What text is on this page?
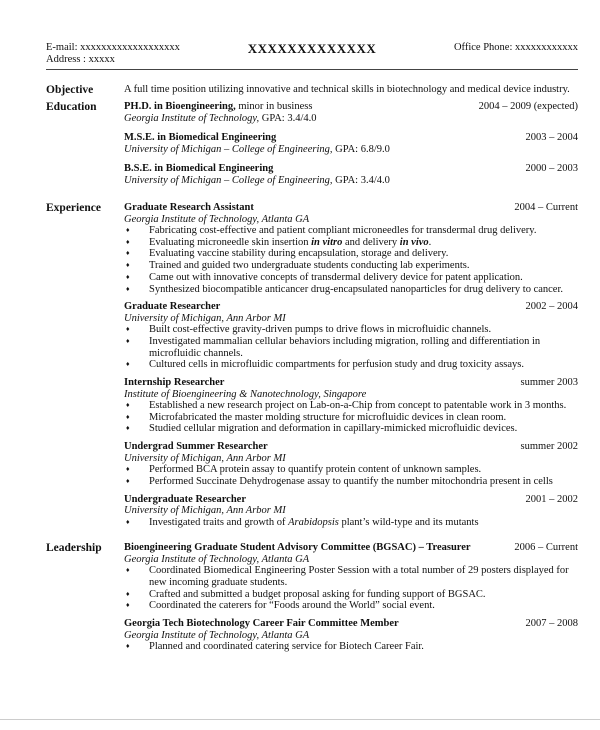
XXXXXXXXXXXXX
E-mail: xxxxxxxxxxxxxxxxxxx
Address : xxxxx
Office Phone: xxxxxxxxxxxx
Objective	A full time position utilizing innovative and technical skills in biotechnology and medical device industry.
Education	PH.D. in Bioengineering, minor in business	2004 – 2009 (expected)
Georgia Institute of Technology, GPA: 3.4/4.0
M.S.E. in Biomedical Engineering	2003 – 2004
University of Michigan – College of Engineering, GPA: 6.8/9.0
B.S.E. in Biomedical Engineering	2000 – 2003
University of Michigan – College of Engineering, GPA: 3.4/4.0
Experience	Graduate Research Assistant	2004 – Current
Georgia Institute of Technology, Atlanta GA
♦ Fabricating cost-effective and patient compliant microneedles for transdermal drug delivery.
♦ Evaluating microneedle skin insertion in vitro and delivery in vivo.
♦ Evaluating vaccine stability during encapsulation, storage and delivery.
♦ Trained and guided two undergraduate students conducting lab experiments.
♦ Came out with innovative concepts of transdermal delivery device for patent application.
♦ Synthesized biocompatible anticancer drug-encapsulated nanoparticles for drug delivery to cancer.
Graduate Researcher	2002 – 2004
University of Michigan, Ann Arbor MI
♦ Built cost-effective gravity-driven pumps to drive flows in microfluidic channels.
♦ Investigated mammalian cellular behaviors including migration, rolling and differentiation in microfluidic channels.
♦ Cultured cells in microfluidic compartments for perfusion study and drug toxicity assays.
Internship Researcher	summer 2003
Institute of Bioengineering & Nanotechnology, Singapore
♦ Established a new research project on Lab-on-a-Chip from concept to patentable work in 3 months.
♦ Microfabricated the master molding structure for microfluidic devices in clean room.
♦ Studied cellular migration and deformation in capillary-mimicked microfluidic devices.
Undergrad Summer Researcher	summer 2002
University of Michigan, Ann Arbor MI
♦ Performed BCA protein assay to quantify protein content of unknown samples.
♦ Performed Succinate Dehydrogenase assay to quantify the number mitochondria present in cells
Undergraduate Researcher	2001 – 2002
University of Michigan, Ann Arbor MI
♦ Investigated traits and growth of Arabidopsis plant’s wild-type and its mutants
Leadership	Bioengineering Graduate Student Advisory Committee (BGSAC) – Treasurer	2006 – Current
Georgia Institute of Technology, Atlanta GA
♦ Coordinated Biomedical Engineering Poster Session with a total number of 29 posters displayed for new incoming graduate students.
♦ Crafted and submitted a budget proposal asking for funding support of BGSAC.
♦ Coordinated the caterers for “Foods around the World” social event.
Georgia Tech Biotechnology Career Fair Committee Member	2007 – 2008
Georgia Institute of Technology, Atlanta GA
♦ Planned and coordinated catering service for Biotech Career Fair.
